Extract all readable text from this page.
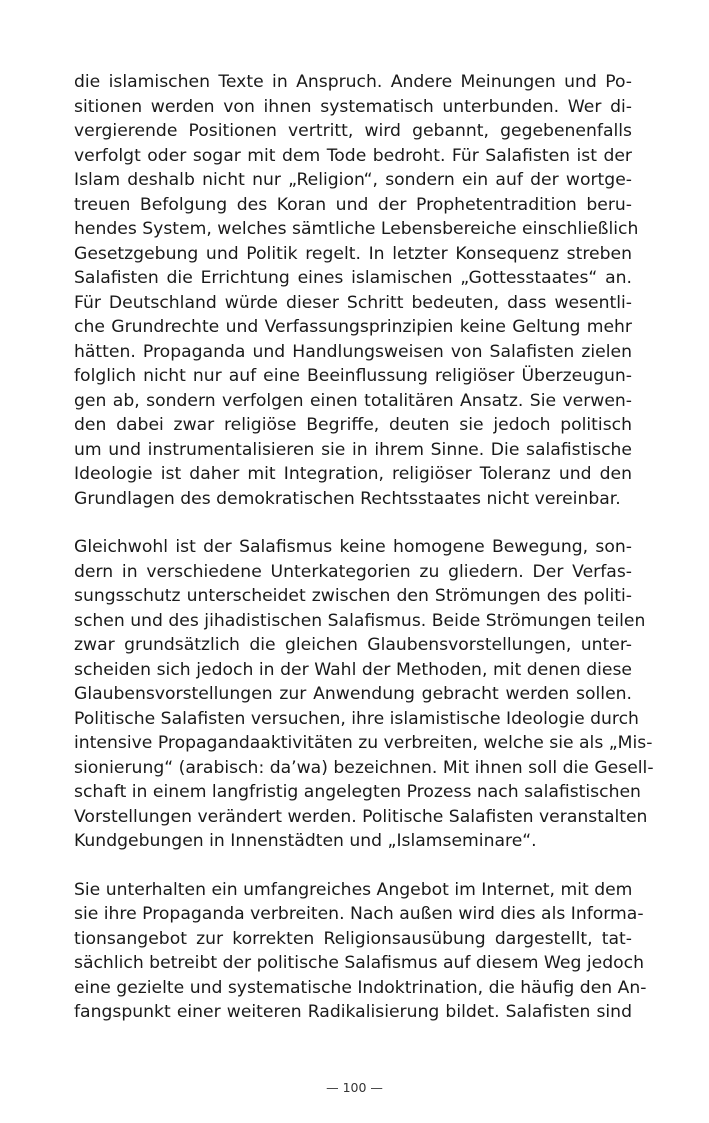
die islamischen Texte in Anspruch. Andere Meinungen und Po-
sitionen werden von ihnen systematisch unterbunden. Wer di-
vergierende Positionen vertritt, wird gebannt, gegebenenfalls
verfolgt oder sogar mit dem Tode bedroht. Für Salafisten ist der
Islam deshalb nicht nur „Religion“, sondern ein auf der wortge-
treuen Befolgung des Koran und der Prophetentradition beru-
hendes System, welches sämtliche Lebensbereiche einschließlich
Gesetzgebung und Politik regelt. In letzter Konsequenz streben
Salafisten die Errichtung eines islamischen „Gottesstaates“ an.
Für Deutschland würde dieser Schritt bedeuten, dass wesentli-
che Grundrechte und Verfassungsprinzipien keine Geltung mehr
hätten. Propaganda und Handlungsweisen von Salafisten zielen
folglich nicht nur auf eine Beeinflussung religiöser Überzeugun-
gen ab, sondern verfolgen einen totalitären Ansatz. Sie verwen-
den dabei zwar religiöse Begriffe, deuten sie jedoch politisch
um und instrumentalisieren sie in ihrem Sinne. Die salafistische
Ideologie ist daher mit Integration, religiöser Toleranz und den
Grundlagen des demokratischen Rechtsstaates nicht vereinbar.
Gleichwohl ist der Salafismus keine homogene Bewegung, son-
dern in verschiedene Unterkategorien zu gliedern. Der Verfas-
sungsschutz unterscheidet zwischen den Strömungen des politi-
schen und des jihadistischen Salafismus. Beide Strömungen teilen
zwar grundsätzlich die gleichen Glaubensvorstellungen, unter-
scheiden sich jedoch in der Wahl der Methoden, mit denen diese
Glaubensvorstellungen zur Anwendung gebracht werden sollen.
Politische Salafisten versuchen, ihre islamistische Ideologie durch
intensive Propagandaaktivitäten zu verbreiten, welche sie als „Mis-
sionierung“ (arabisch: da’wa) bezeichnen. Mit ihnen soll die Gesell-
schaft in einem langfristig angelegten Prozess nach salafistischen
Vorstellungen verändert werden. Politische Salafisten veranstalten
Kundgebungen in Innenstädten und „Islamseminare“.
Sie unterhalten ein umfangreiches Angebot im Internet, mit dem
sie ihre Propaganda verbreiten. Nach außen wird dies als Informa-
tionsangebot zur korrekten Religionsausübung dargestellt, tat-
sächlich betreibt der politische Salafismus auf diesem Weg jedoch
eine gezielte und systematische Indoktrination, die häufig den An-
fangspunkt einer weiteren Radikalisierung bildet. Salafisten sind
— 100 —
